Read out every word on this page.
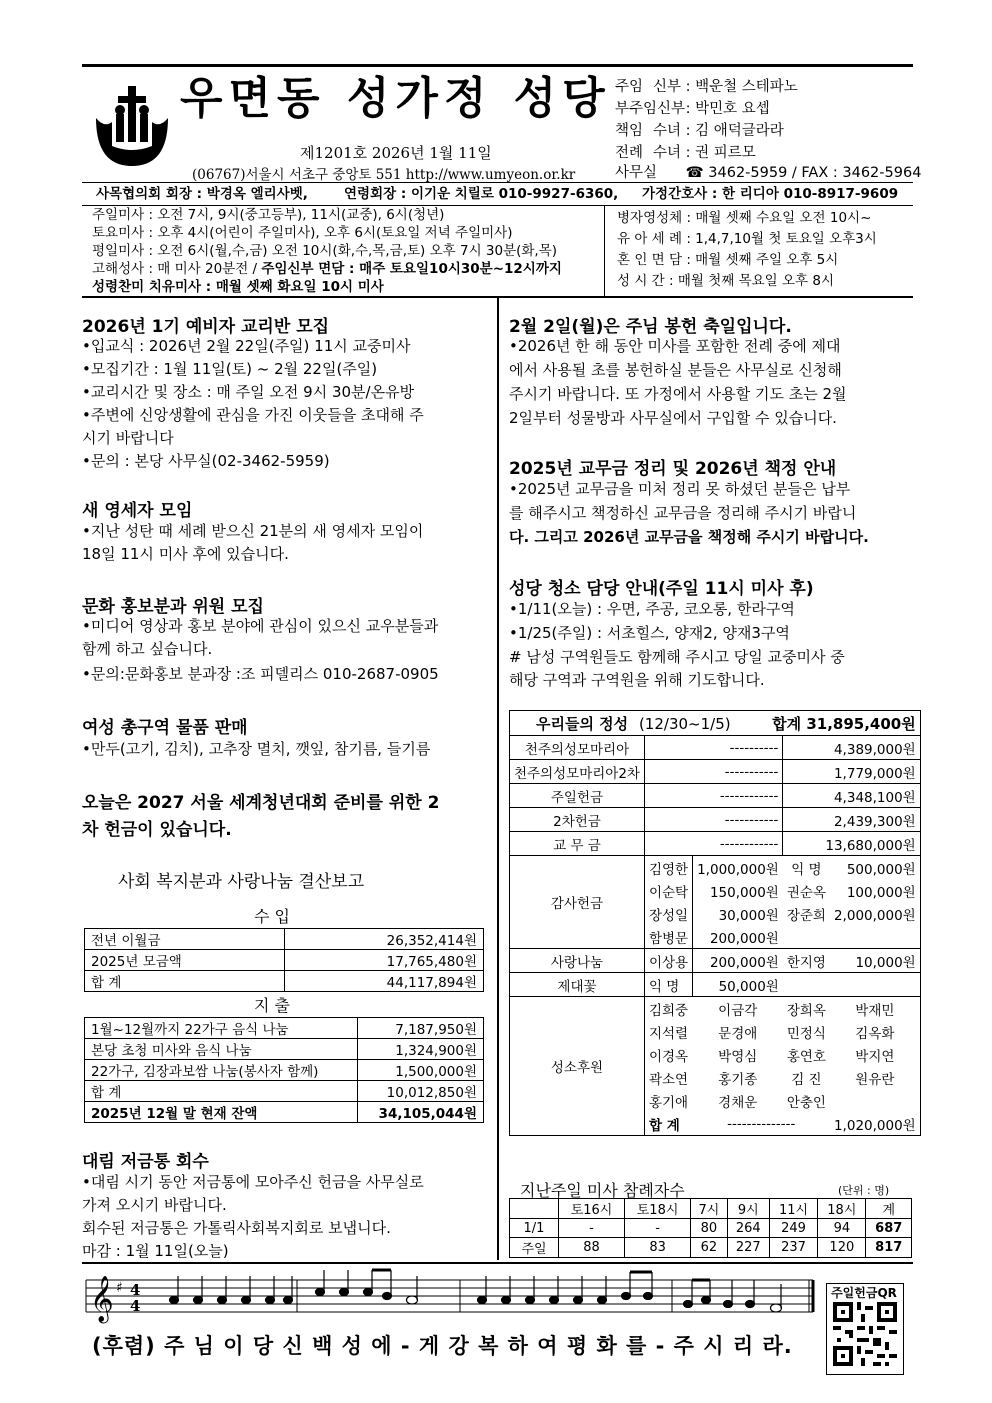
우면동 성가정 성당
제1201호 2026년 1월 11일
(06767)서울시 서초구 중앙토 551 http://www.umyeon.or.kr
주임 신부 : 백운철 스테파노
부주임신부 : 박민호 요셉
책임 수녀 : 김 애덕글라라
전례 수녀 : 권 피르모
사무실 ☎ 3462-5959 / FAX : 3462-5964
사목협의회 회장 : 박경옥 엘리사벳,	연령회장 : 이기운 치릴로 010-9927-6360, 가정간호사 : 한 리디아 010-8917-9609
주일미사 : 오전 7시, 9시(중고등부), 11시(교중), 6시(청년)
토요미사 : 오후 4시(어린이 주일미사), 오후 6시(토요일 저녁 주일미사)
평일미사 : 오전 6시(월,수,금) 오전 10시(화,수,목,금,토) 오후 7시 30분(화,목)
고해성사 : 매 미사 20분전 / 주임신부 면담 : 매주 토요일10시30분~12시까지
성령찬미 치유미사 : 매월 셋째 화요일 10시 미사
병자영성체 : 매월 셋째 수요일 오전 10시~
유 아 세 례 : 1,4,7,10월 첫 토요일 오후3시
혼 인 면 담 : 매월 셋째 주일 오후 5시
성 시 간 : 매월 첫째 목요일 오후 8시
2026년 1기 예비자 교리반 모집
•입교식 : 2026년 2월 22일(주일) 11시 교중미사
•모집기간 : 1월 11일(토) ~ 2월 22일(주일)
•교리시간 및 장소 : 매 주일 오전 9시 30분/온유방
•주변에 신앙생활에 관심을 가진 이웃들을 초대해 주
시기 바랍니다
•문의 : 본당 사무실(02-3462-5959)
새 영세자 모임
•지난 성탄 때 세례 받으신 21분의 새 영세자 모임이
18일 11시 미사 후에 있습니다.
문화 홍보분과 위원 모집
•미디어 영상과 홍보 분야에 관심이 있으신 교우분들과
함께 하고 싶습니다.
•문의:문화홍보 분과장 :조 피델리스 010-2687-0905
여성 총구역 물품 판매
•만두(고기, 김치), 고추장 멸치, 깻잎, 참기름, 들기름
오늘은 2027 서울 세계청년대회 준비를 위한 2
차 헌금이 있습니다.
사회 복지분과 사랑나눔 결산보고
수 입
전년 이월금	26,352,414원
2025년 모금액	17,765,480원
합 계	44,117,894원
지 출
1월~12월까지 22가구 음식 나눔	7,187,950원
본당 초청 미사와 음식 나눔	1,324,900원
22가구, 김장과보쌈 나눔(봉사자 함께)	1,500,000원
합 계	10,012,850원
2025년 12월 말 현재 잔액	34,105,044원
대림 저금통 회수
•대림 시기 동안 저금통에 모아주신 헌금을 사무실로
가져 오시기 바랍니다.
회수된 저금통은 가톨릭사회복지회로 보냅니다.
마감 : 1월 11일(오늘)
2월 2일(월)은 주님 봉헌 축일입니다.
•2026년 한 해 동안 미사를 포함한 전례 중에 제대
에서 사용될 초를 봉헌하실 분들은 사무실로 신청해
주시기 바랍니다. 또 가정에서 사용할 기도 초는 2월
2일부터 성물방과 사무실에서 구입할 수 있습니다.
2025년 교무금 정리 및 2026년 책정 안내
•2025년 교무금을 미처 정리 못 하셨던 분들은 납부
를 해주시고 책정하신 교무금을 정리해 주시기 바랍니
다. 그리고 2026년 교무금을 책정해 주시기 바랍니다.
성당 청소 담당 안내(주일 11시 미사 후)
•1/11(오늘) : 우면, 주공, 코오롱, 한라구역
•1/25(주일) : 서초힐스, 양재2, 양재3구역
# 남성 구역원들도 함께해 주시고 당일 교중미사 중
해당 구역과 구역원을 위해 기도합니다.
우리들의 정성 (12/30~1/5) 합계 31,895,400원				

천주의성모마리아	----------		4,389,000원	
천주의성모마리아2차	-----------		1,779,000원	
주일헌금	------------		4,348,100원	
2차헌금	-----------		2,439,300원	
교 무 금	------------		13,680,000원	
감사헌금	김영한	1,000,000원	익 명	500,000원
	이순탁	150,000원	권순옥	100,000원
	장성일	30,000원	장준희	2,000,000원
	함병문	200,000원		
사랑나눔	이상용	200,000원	한지영	10,000원
제대꽃	익 명	50,000원		
성소후원	김희중	이금각	장희옥	박재민
	지석렬	문경애	민정식	김옥화
	이경옥	박영심	홍연호	박지연
	곽소연	홍기종	김 진	원유란
	홍기애	경채운	안충인	
	합 계	--------------		1,020,000원
지난주일 미사 참례자수	(단위 : 명)
	토16시	토18시	7시	9시	11시	18시	계
1/1	-	-	80	264	249	94	687
주일	88	83	62	227	237	120	817
𝄞 ♯ 4
4
(후렴) 주 님 이 당 신 백 성 에 - 게 강 복 하 여 평 화 를 - 주 시 리 라.
주일헌금QR
